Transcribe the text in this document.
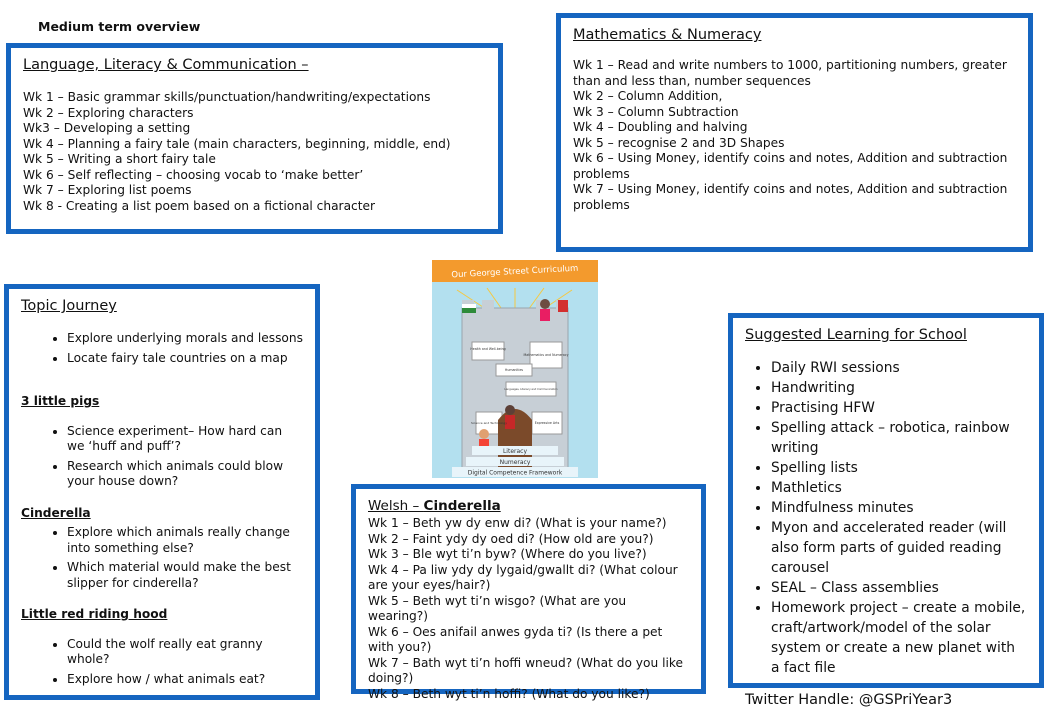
Medium term overview
Language, Literacy & Communication –
Wk 1 – Basic grammar skills/punctuation/handwriting/expectations
Wk 2 – Exploring characters
Wk3 – Developing a setting
Wk 4 – Planning a fairy tale (main characters, beginning, middle, end)
Wk 5 – Writing a short fairy tale
Wk 6 – Self reflecting – choosing vocab to ‘make better’
Wk 7 – Exploring list poems
Wk 8 - Creating a list poem based on a fictional character
Mathematics & Numeracy
Wk 1 – Read and write numbers to 1000, partitioning numbers, greater than and less than, number sequences
Wk 2 – Column Addition,
Wk 3 – Column Subtraction
Wk 4 – Doubling and halving
Wk 5 – recognise 2 and 3D Shapes
Wk 6 – Using Money, identify coins and notes, Addition and subtraction problems
Wk 7 – Using Money, identify coins and notes, Addition and subtraction problems
Topic Journey
• Explore underlying morals and lessons
• Locate fairy tale countries on a map
3 little pigs
• Science experiment– How hard can we ‘huff and puff’?
• Research which animals could blow your house down?
Cinderella
• Explore which animals really change into something else?
• Which material would make the best slipper for cinderella?
Little red riding hood
• Could the wolf really eat granny whole?
• Explore how / what animals eat?
Our George Street Curriculum
Literacy
Numeracy
Digital Competence Framework
Health and Well-being
Mathematics and Numeracy
Humanities
Languages, Literacy and Communication
Science and Technology	Expressive Arts
Welsh – Cinderella
Wk 1 – Beth yw dy enw di? (What is your name?)
Wk 2 – Faint ydy dy oed di? (How old are you?)
Wk 3 – Ble wyt ti’n byw? (Where do you live?)
Wk 4 – Pa liw ydy dy lygaid/gwallt di? (What colour are your eyes/hair?)
Wk 5 – Beth wyt ti’n wisgo? (What are you wearing?)
Wk 6 – Oes anifail anwes gyda ti? (Is there a pet with you?)
Wk 7 – Bath wyt ti’n hoffi wneud? (What do you like doing?)
Wk 8 – Beth wyt ti’n hoffi? (What do you like?)
Suggested Learning for School
• Daily RWI sessions
• Handwriting
• Practising HFW
• Spelling attack – robotica, rainbow writing
• Spelling lists
• Mathletics
• Mindfulness minutes
• Myon and accelerated reader (will also form parts of guided reading carousel
• SEAL – Class assemblies
• Homework project – create a mobile, craft/artwork/model of the solar system or create a new planet with a fact file
Twitter Handle: @GSPriYear3
